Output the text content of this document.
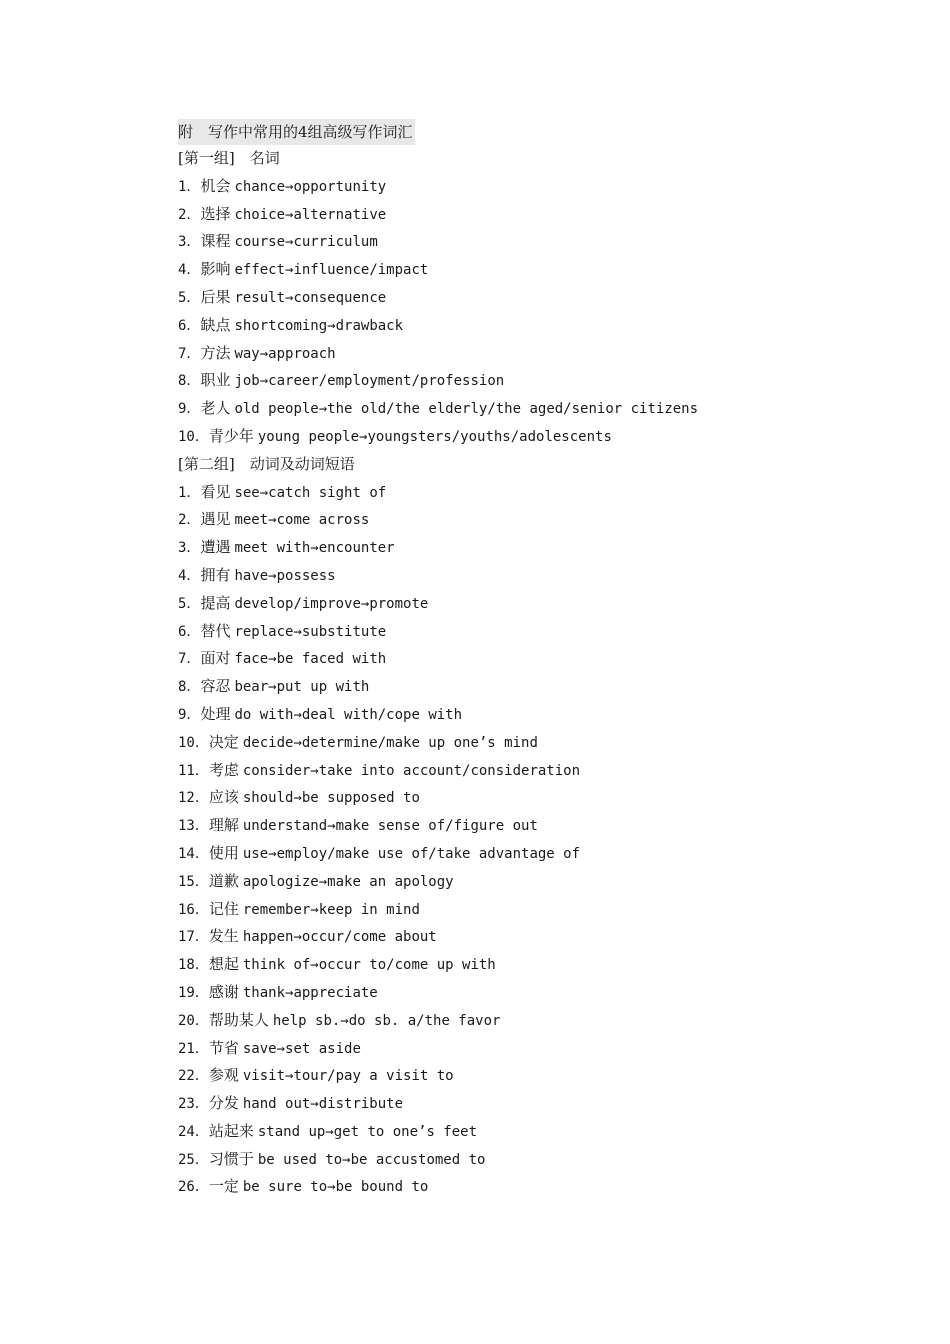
附　写作中常用的4组高级写作词汇
[第一组]　名词
1．机会 chance→opportunity
2．选择 choice→alternative
3．课程 course→curriculum
4．影响 effect→influence/impact
5．后果 result→consequence
6．缺点 shortcoming→drawback
7．方法 way→approach
8．职业 job→career/employment/profession
9．老人 old people→the old/the elderly/the aged/senior citizens
10．青少年 young people→youngsters/youths/adolescents
[第二组]　动词及动词短语
1．看见 see→catch sight of
2．遇见 meet→come across
3．遭遇 meet with→encounter
4．拥有 have→possess
5．提高 develop/improve→promote
6．替代 replace→substitute
7．面对 face→be faced with
8．容忍 bear→put up with
9．处理 do with→deal with/cope with
10．决定 decide→determine/make up one’s mind
11．考虑 consider→take into account/consideration
12．应该 should→be supposed to
13．理解 understand→make sense of/figure out
14．使用 use→employ/make use of/take advantage of
15．道歉 apologize→make an apology
16．记住 remember→keep in mind
17．发生 happen→occur/come about
18．想起 think of→occur to/come up with
19．感谢 thank→appreciate
20．帮助某人 help sb.→do sb. a/the favor
21．节省 save→set aside
22．参观 visit→tour/pay a visit to
23．分发 hand out→distribute
24．站起来 stand up→get to one’s feet
25．习惯于 be used to→be accustomed to
26．一定 be sure to→be bound to
